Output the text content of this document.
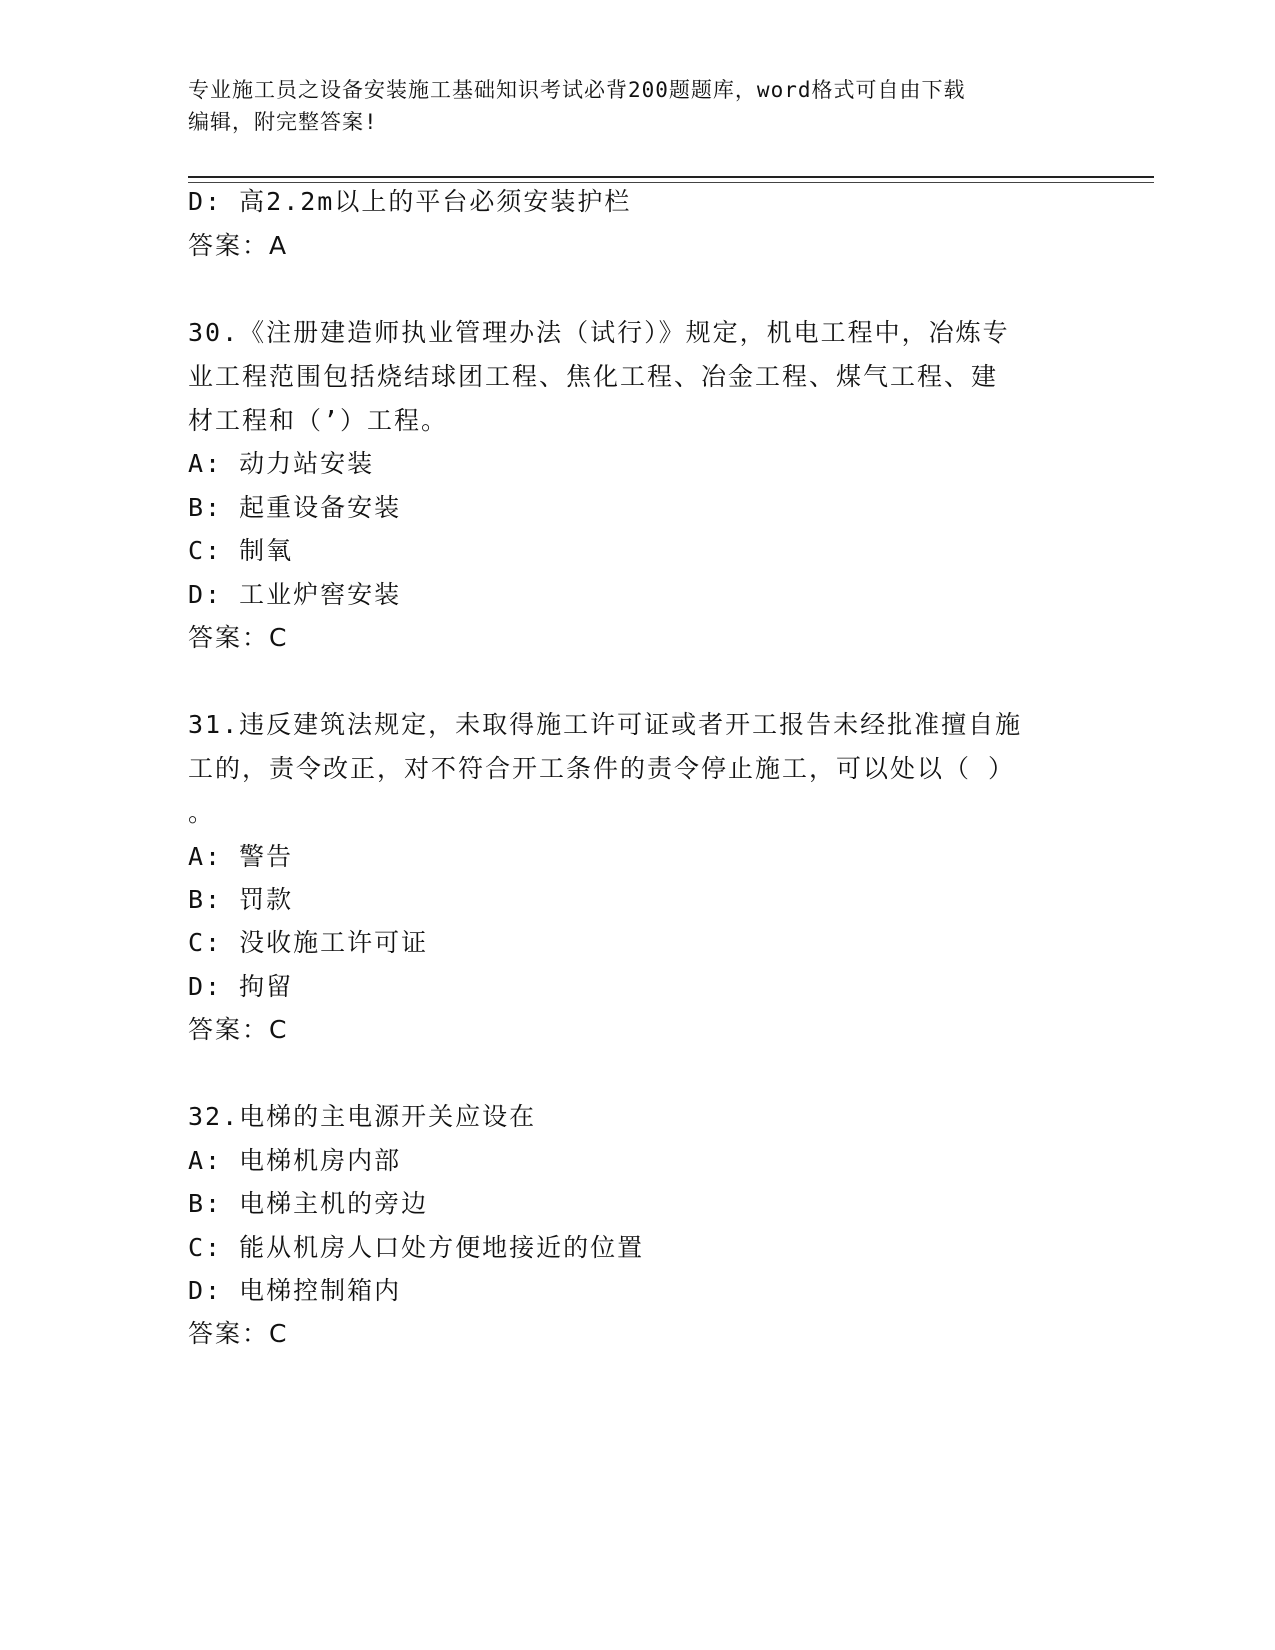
专业施工员之设备安装施工基础知识考试必背200题题库，word格式可自由下载
编辑，附完整答案!
D: 高2.2m以上的平台必须安装护栏
答案：A
30.《注册建造师执业管理办法（试行）》规定，机电工程中，冶炼专
业工程范围包括烧结球团工程、焦化工程、冶金工程、煤气工程、建
材工程和（’）工程。
A: 动力站安装
B: 起重设备安装
C: 制氧
D: 工业炉窖安装
答案：C
31.违反建筑法规定，未取得施工许可证或者开工报告未经批准擅自施
工的，责令改正，对不符合开工条件的责令停止施工，可以处以（ ）
。
A: 警告
B: 罚款
C: 没收施工许可证
D: 拘留
答案：C
32.电梯的主电源开关应设在
A: 电梯机房内部
B: 电梯主机的旁边
C: 能从机房人口处方便地接近的位置
D: 电梯控制箱内
答案：C
